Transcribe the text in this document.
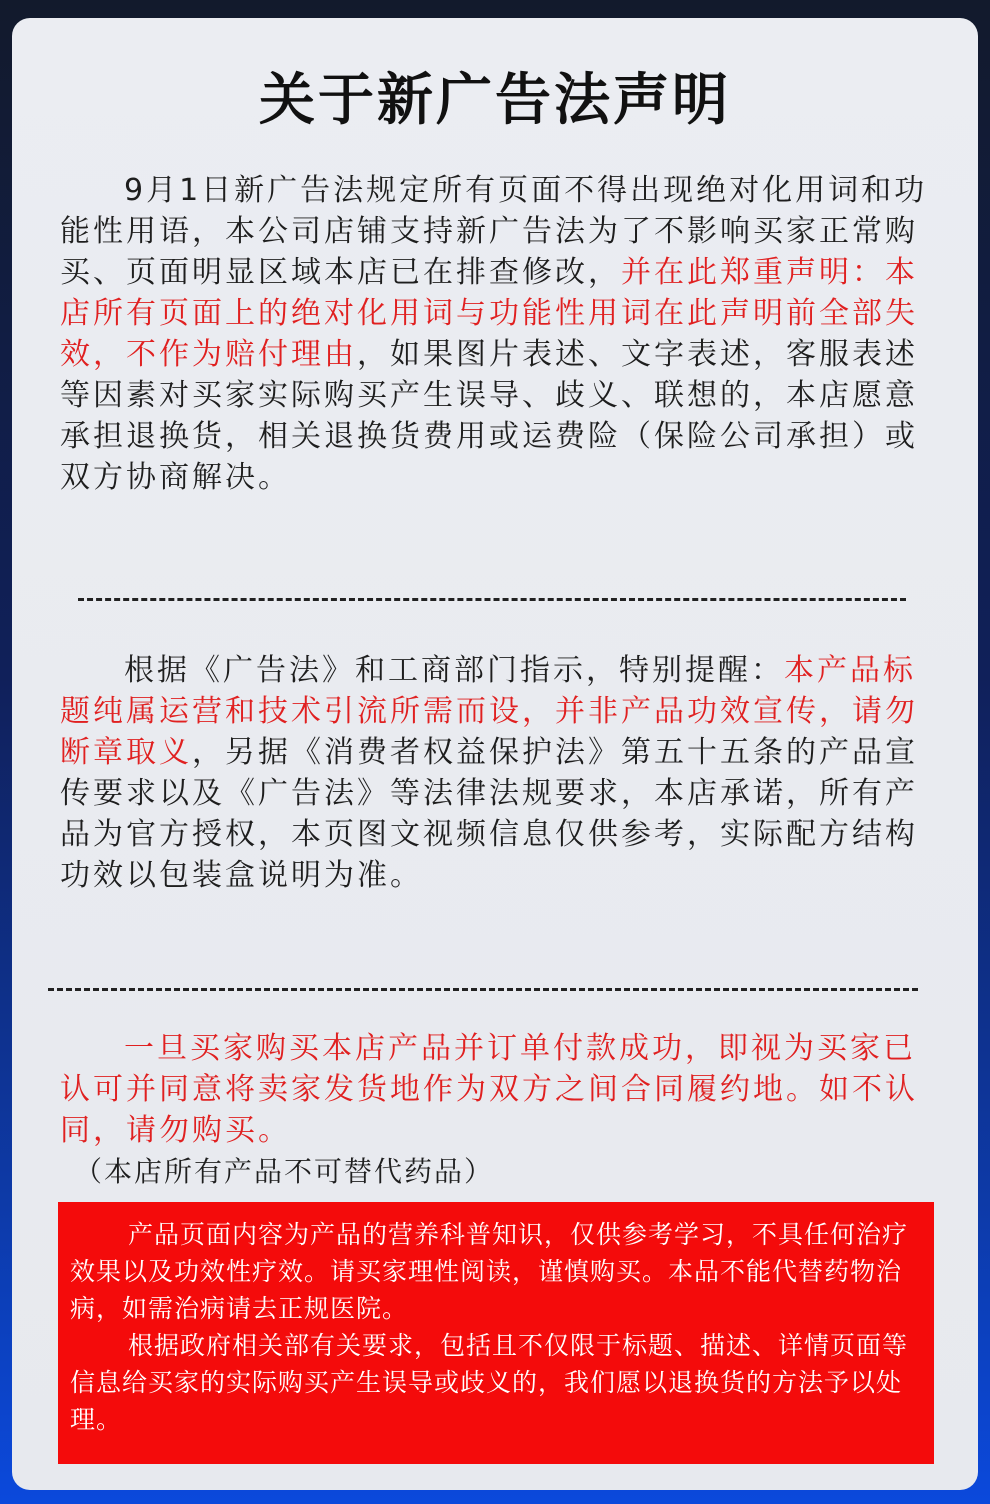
关于新广告法声明

9月1日新广告法规定所有页面不得出现绝对化用词和功能性用语，本公司店铺支持新广告法为了不影响买家正常购买、页面明显区域本店已在排查修改，并在此郑重声明：本店所有页面上的绝对化用词与功能性用词在此声明前全部失效，不作为赔付理由，如果图片表述、文字表述，客服表述等因素对买家实际购买产生误导、歧义、联想的，本店愿意承担退换货，相关退换货费用或运费险（保险公司承担）或双方协商解决。

根据《广告法》和工商部门指示，特别提醒：本产品标题纯属运营和技术引流所需而设，并非产品功效宣传，请勿断章取义，另据《消费者权益保护法》第五十五条的产品宣传要求以及《广告法》等法律法规要求，本店承诺，所有产品为官方授权，本页图文视频信息仅供参考，实际配方结构功效以包装盒说明为准。

一旦买家购买本店产品并订单付款成功，即视为买家已认可并同意将卖家发货地作为双方之间合同履约地。如不认同，请勿购买。

（本店所有产品不可替代药品）

产品页面内容为产品的营养科普知识，仅供参考学习，不具任何治疗效果以及功效性疗效。请买家理性阅读，谨慎购买。本品不能代替药物治病，如需治病请去正规医院。

根据政府相关部有关要求，包括且不仅限于标题、描述、详情页面等信息给买家的实际购买产生误导或歧义的，我们愿以退换货的方法予以处理。
